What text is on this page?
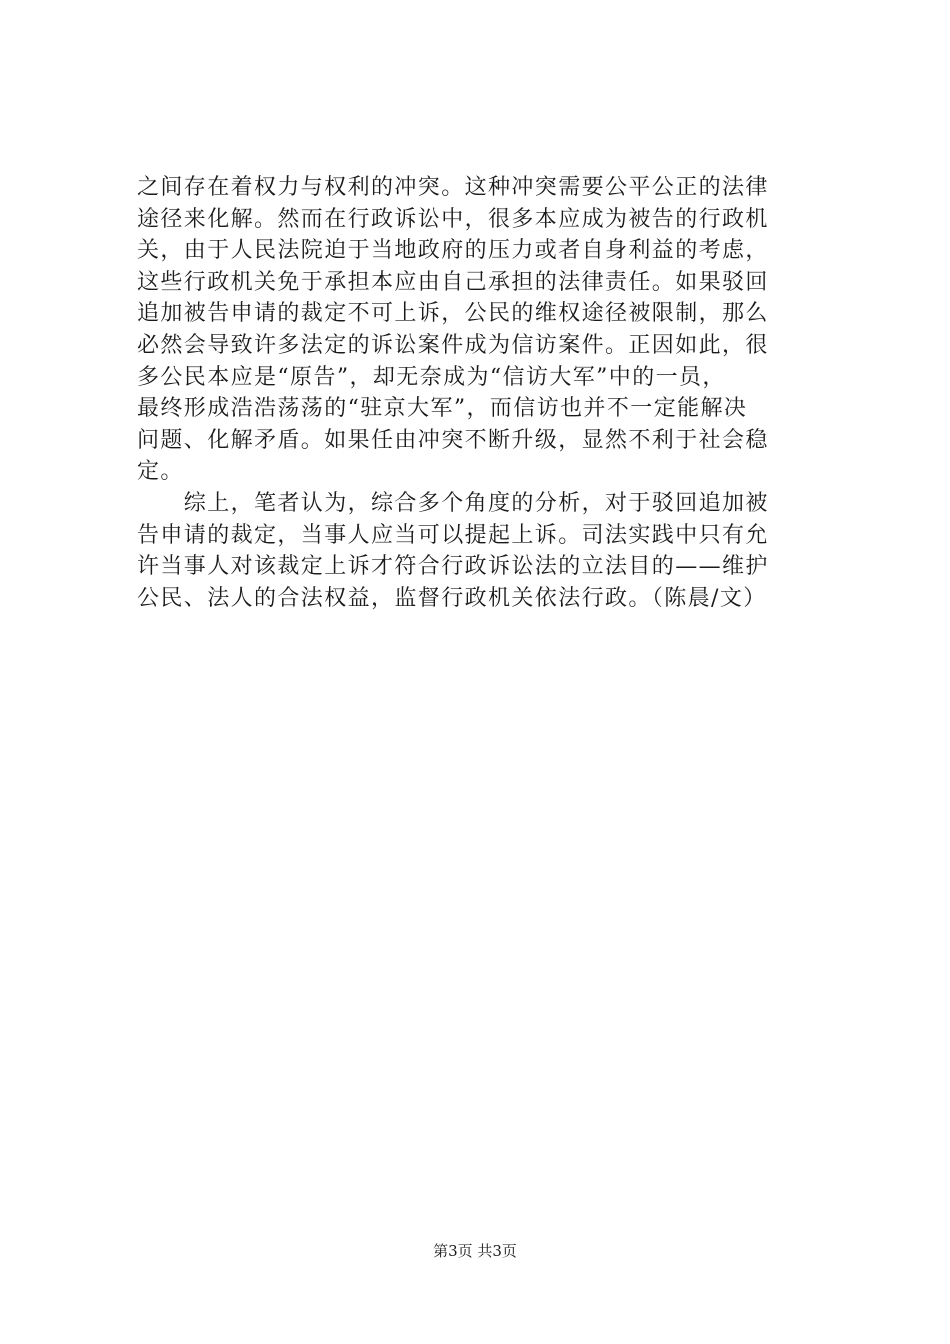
之间存在着权力与权利的冲突。这种冲突需要公平公正的法律
途径来化解。然而在行政诉讼中，很多本应成为被告的行政机
关，由于人民法院迫于当地政府的压力或者自身利益的考虑，
这些行政机关免于承担本应由自己承担的法律责任。如果驳回
追加被告申请的裁定不可上诉，公民的维权途径被限制，那么
必然会导致许多法定的诉讼案件成为信访案件。正因如此，很
多公民本应是“原告”，却无奈成为“信访大军”中的一员，
最终形成浩浩荡荡的“驻京大军”，而信访也并不一定能解决
问题、化解矛盾。如果任由冲突不断升级，显然不利于社会稳
定。
　　综上，笔者认为，综合多个角度的分析，对于驳回追加被
告申请的裁定，当事人应当可以提起上诉。司法实践中只有允
许当事人对该裁定上诉才符合行政诉讼法的立法目的——维护
公民、法人的合法权益，监督行政机关依法行政。（陈晨/文）
第3页 共3页
